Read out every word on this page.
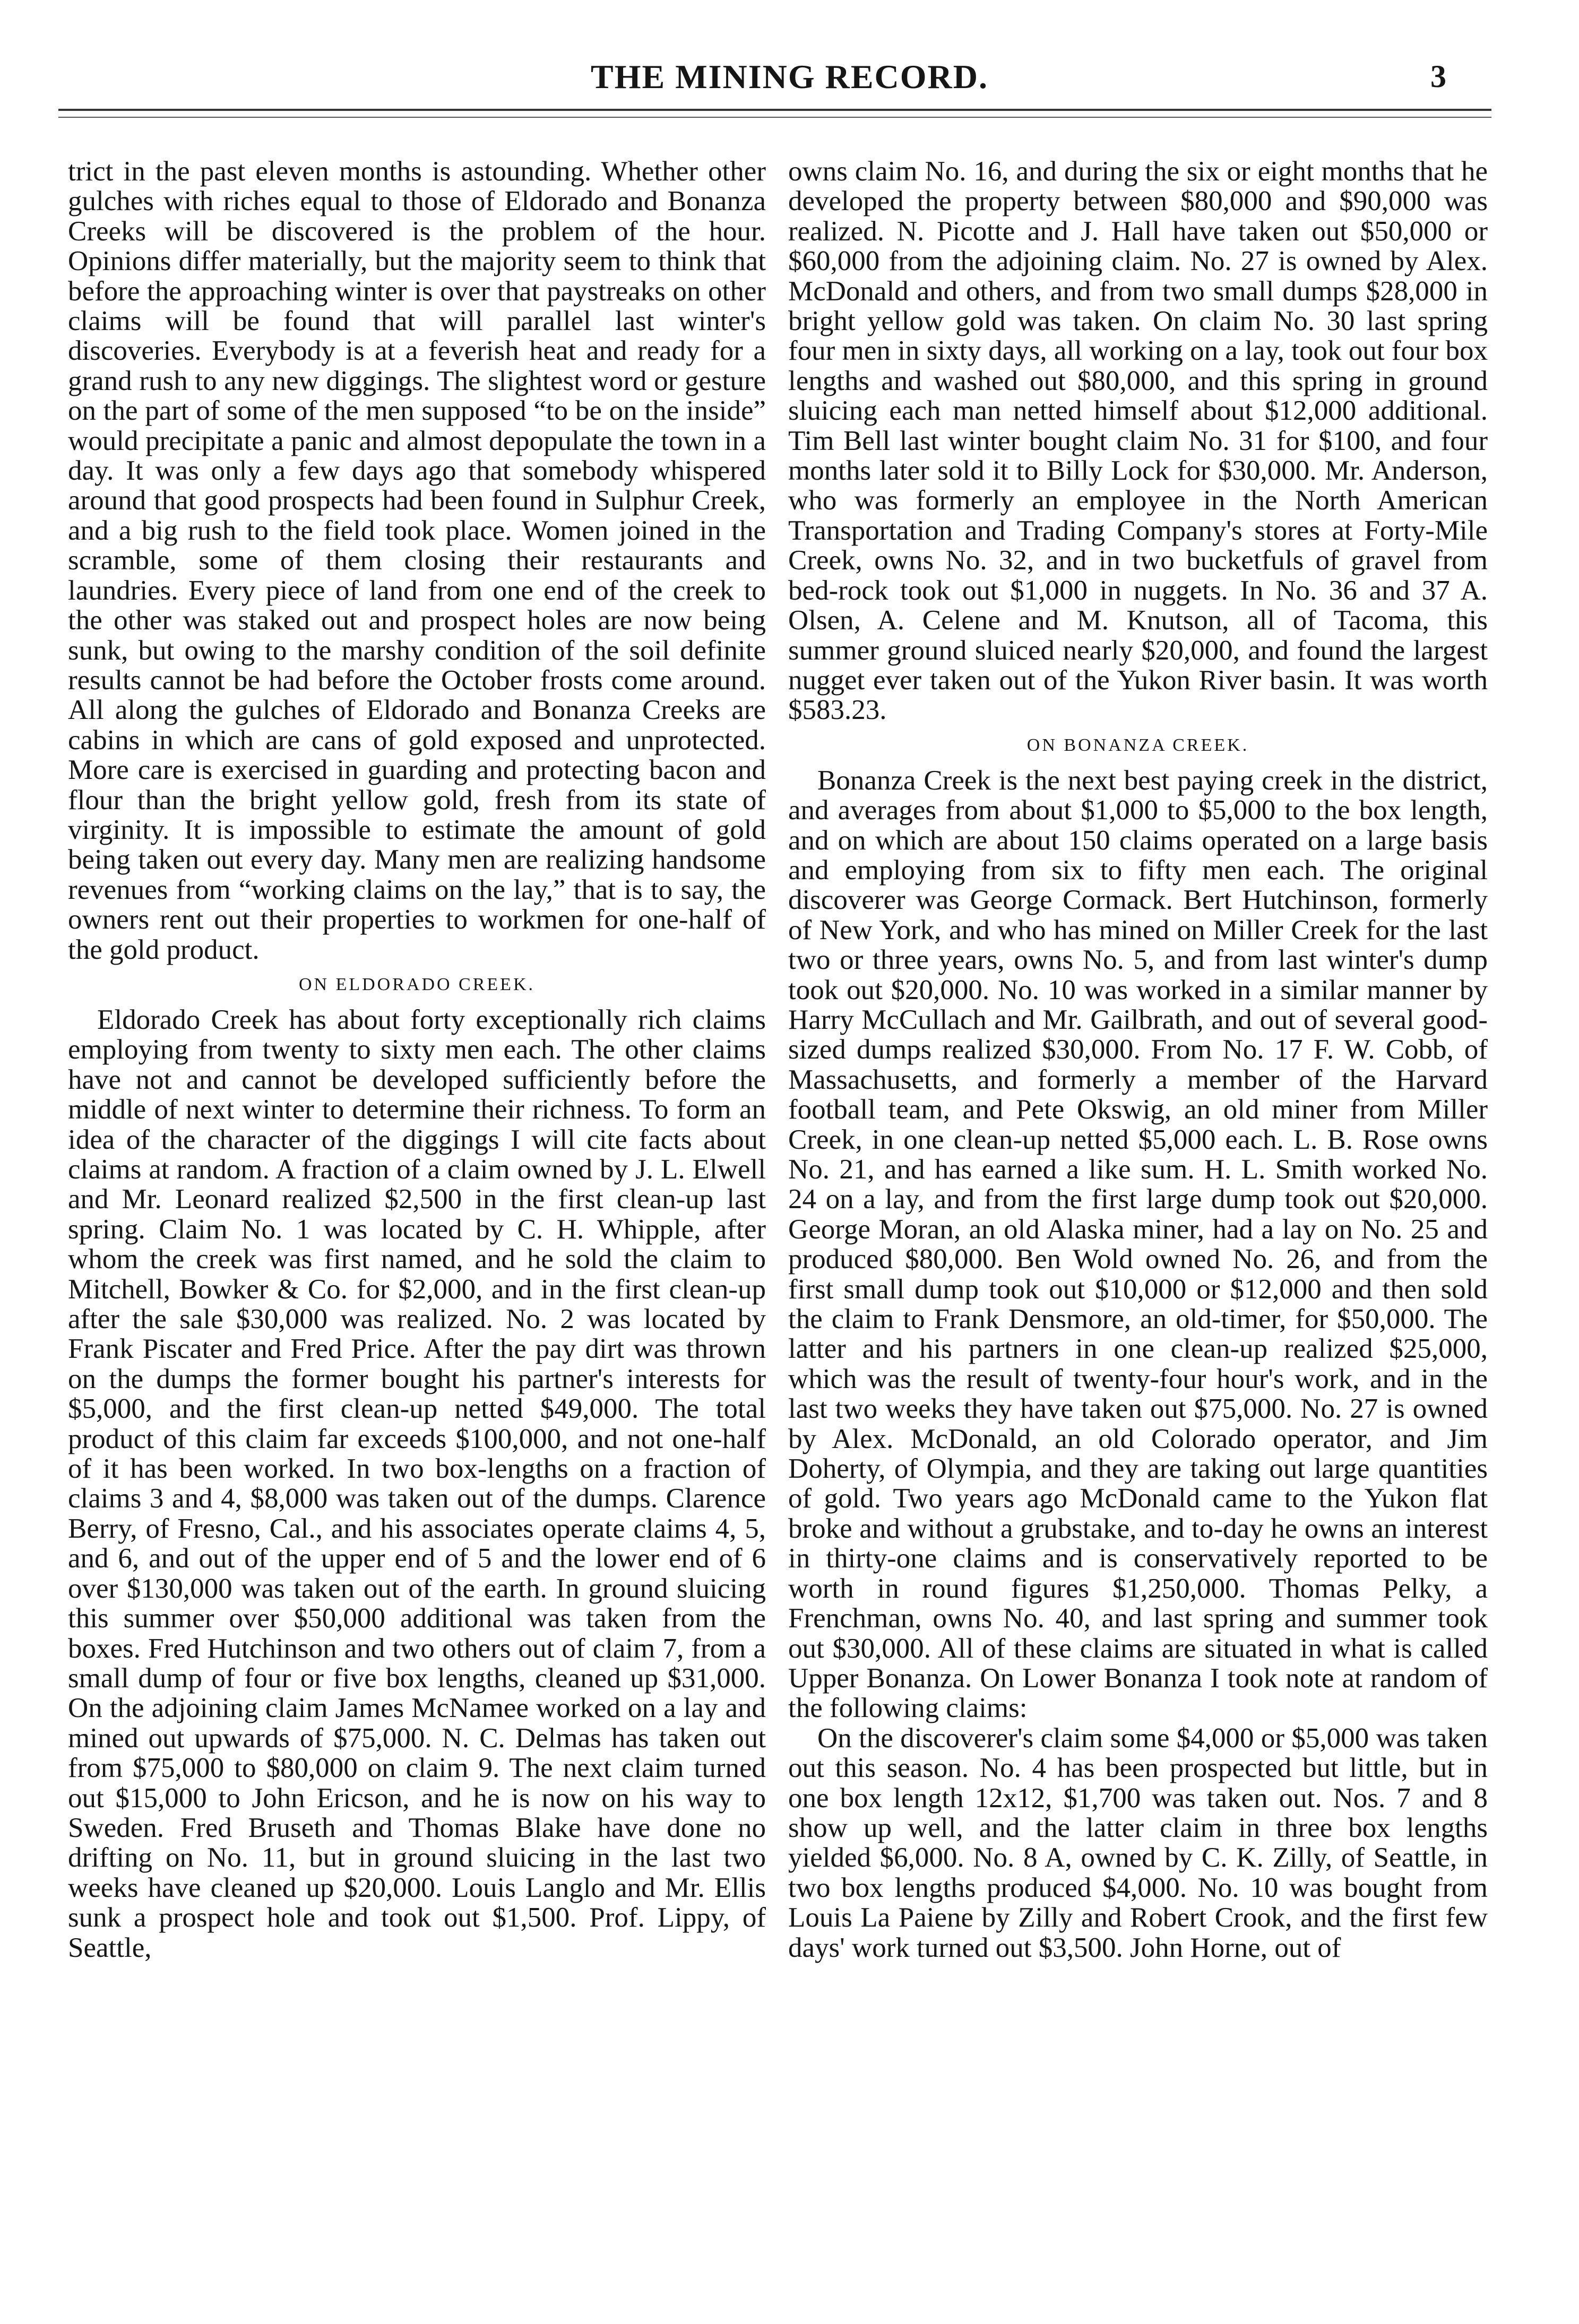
THE MINING RECORD.	3

trict in the past eleven months is astounding. Whether other gulches with riches equal to those of Eldorado and Bonanza Creeks will be discovered is the problem of the hour. Opinions differ materially, but the majority seem to think that before the approaching winter is over that paystreaks on other claims will be found that will parallel last winter's discoveries. Everybody is at a feverish heat and ready for a grand rush to any new diggings. The slightest word or gesture on the part of some of the men supposed “to be on the inside” would precipitate a panic and almost depopulate the town in a day. It was only a few days ago that somebody whispered around that good prospects had been found in Sulphur Creek, and a big rush to the field took place. Women joined in the scramble, some of them closing their restaurants and laundries. Every piece of land from one end of the creek to the other was staked out and prospect holes are now being sunk, but owing to the marshy condition of the soil definite results cannot be had before the October frosts come around. All along the gulches of Eldorado and Bonanza Creeks are cabins in which are cans of gold exposed and unprotected. More care is exercised in guarding and protecting bacon and flour than the bright yellow gold, fresh from its state of virginity. It is impossible to estimate the amount of gold being taken out every day. Many men are realizing handsome revenues from “working claims on the lay,” that is to say, the owners rent out their properties to workmen for one-half of the gold product.

ON ELDORADO CREEK.

Eldorado Creek has about forty exceptionally rich claims employing from twenty to sixty men each. The other claims have not and cannot be developed sufficiently before the middle of next winter to determine their richness. To form an idea of the character of the diggings I will cite facts about claims at random. A fraction of a claim owned by J. L. Elwell and Mr. Leonard realized $2,500 in the first clean-up last spring. Claim No. 1 was located by C. H. Whipple, after whom the creek was first named, and he sold the claim to Mitchell, Bowker & Co. for $2,000, and in the first clean-up after the sale $30,000 was realized. No. 2 was located by Frank Piscater and Fred Price. After the pay dirt was thrown on the dumps the former bought his partner's interests for $5,000, and the first clean-up netted $49,000. The total product of this claim far exceeds $100,000, and not one-half of it has been worked. In two box-lengths on a fraction of claims 3 and 4, $8,000 was taken out of the dumps. Clarence Berry, of Fresno, Cal., and his associates operate claims 4, 5, and 6, and out of the upper end of 5 and the lower end of 6 over $130,000 was taken out of the earth. In ground sluicing this summer over $50,000 additional was taken from the boxes. Fred Hutchinson and two others out of claim 7, from a small dump of four or five box lengths, cleaned up $31,000. On the adjoining claim James McNamee worked on a lay and mined out upwards of $75,000. N. C. Delmas has taken out from $75,000 to $80,000 on claim 9. The next claim turned out $15,000 to John Ericson, and he is now on his way to Sweden. Fred Bruseth and Thomas Blake have done no drifting on No. 11, but in ground sluicing in the last two weeks have cleaned up $20,000. Louis Langlo and Mr. Ellis sunk a prospect hole and took out $1,500. Prof. Lippy, of Seattle,

owns claim No. 16, and during the six or eight months that he developed the property between $80,000 and $90,000 was realized. N. Picotte and J. Hall have taken out $50,000 or $60,000 from the adjoining claim. No. 27 is owned by Alex. McDonald and others, and from two small dumps $28,000 in bright yellow gold was taken. On claim No. 30 last spring four men in sixty days, all working on a lay, took out four box lengths and washed out $80,000, and this spring in ground sluicing each man netted himself about $12,000 additional. Tim Bell last winter bought claim No. 31 for $100, and four months later sold it to Billy Lock for $30,000. Mr. Anderson, who was formerly an employee in the North American Transportation and Trading Company's stores at Forty-Mile Creek, owns No. 32, and in two bucketfuls of gravel from bed-rock took out $1,000 in nuggets. In No. 36 and 37 A. Olsen, A. Celene and M. Knutson, all of Tacoma, this summer ground sluiced nearly $20,000, and found the largest nugget ever taken out of the Yukon River basin. It was worth $583.23.

ON BONANZA CREEK.

Bonanza Creek is the next best paying creek in the district, and averages from about $1,000 to $5,000 to the box length, and on which are about 150 claims operated on a large basis and employing from six to fifty men each. The original discoverer was George Cormack. Bert Hutchinson, formerly of New York, and who has mined on Miller Creek for the last two or three years, owns No. 5, and from last winter's dump took out $20,000. No. 10 was worked in a similar manner by Harry McCullach and Mr. Gailbrath, and out of several good-sized dumps realized $30,000. From No. 17 F. W. Cobb, of Massachusetts, and formerly a member of the Harvard football team, and Pete Okswig, an old miner from Miller Creek, in one clean-up netted $5,000 each. L. B. Rose owns No. 21, and has earned a like sum. H. L. Smith worked No. 24 on a lay, and from the first large dump took out $20,000. George Moran, an old Alaska miner, had a lay on No. 25 and produced $80,000. Ben Wold owned No. 26, and from the first small dump took out $10,000 or $12,000 and then sold the claim to Frank Densmore, an old-timer, for $50,000. The latter and his partners in one clean-up realized $25,000, which was the result of twenty-four hour's work, and in the last two weeks they have taken out $75,000. No. 27 is owned by Alex. McDonald, an old Colorado operator, and Jim Doherty, of Olympia, and they are taking out large quantities of gold. Two years ago McDonald came to the Yukon flat broke and without a grubstake, and to-day he owns an interest in thirty-one claims and is conservatively reported to be worth in round figures $1,250,000. Thomas Pelky, a Frenchman, owns No. 40, and last spring and summer took out $30,000. All of these claims are situated in what is called Upper Bonanza. On Lower Bonanza I took note at random of the following claims:

On the discoverer's claim some $4,000 or $5,000 was taken out this season. No. 4 has been prospected but little, but in one box length 12x12, $1,700 was taken out. Nos. 7 and 8 show up well, and the latter claim in three box lengths yielded $6,000. No. 8 A, owned by C. K. Zilly, of Seattle, in two box lengths produced $4,000. No. 10 was bought from Louis La Paiene by Zilly and Robert Crook, and the first few days' work turned out $3,500. John Horne, out of
